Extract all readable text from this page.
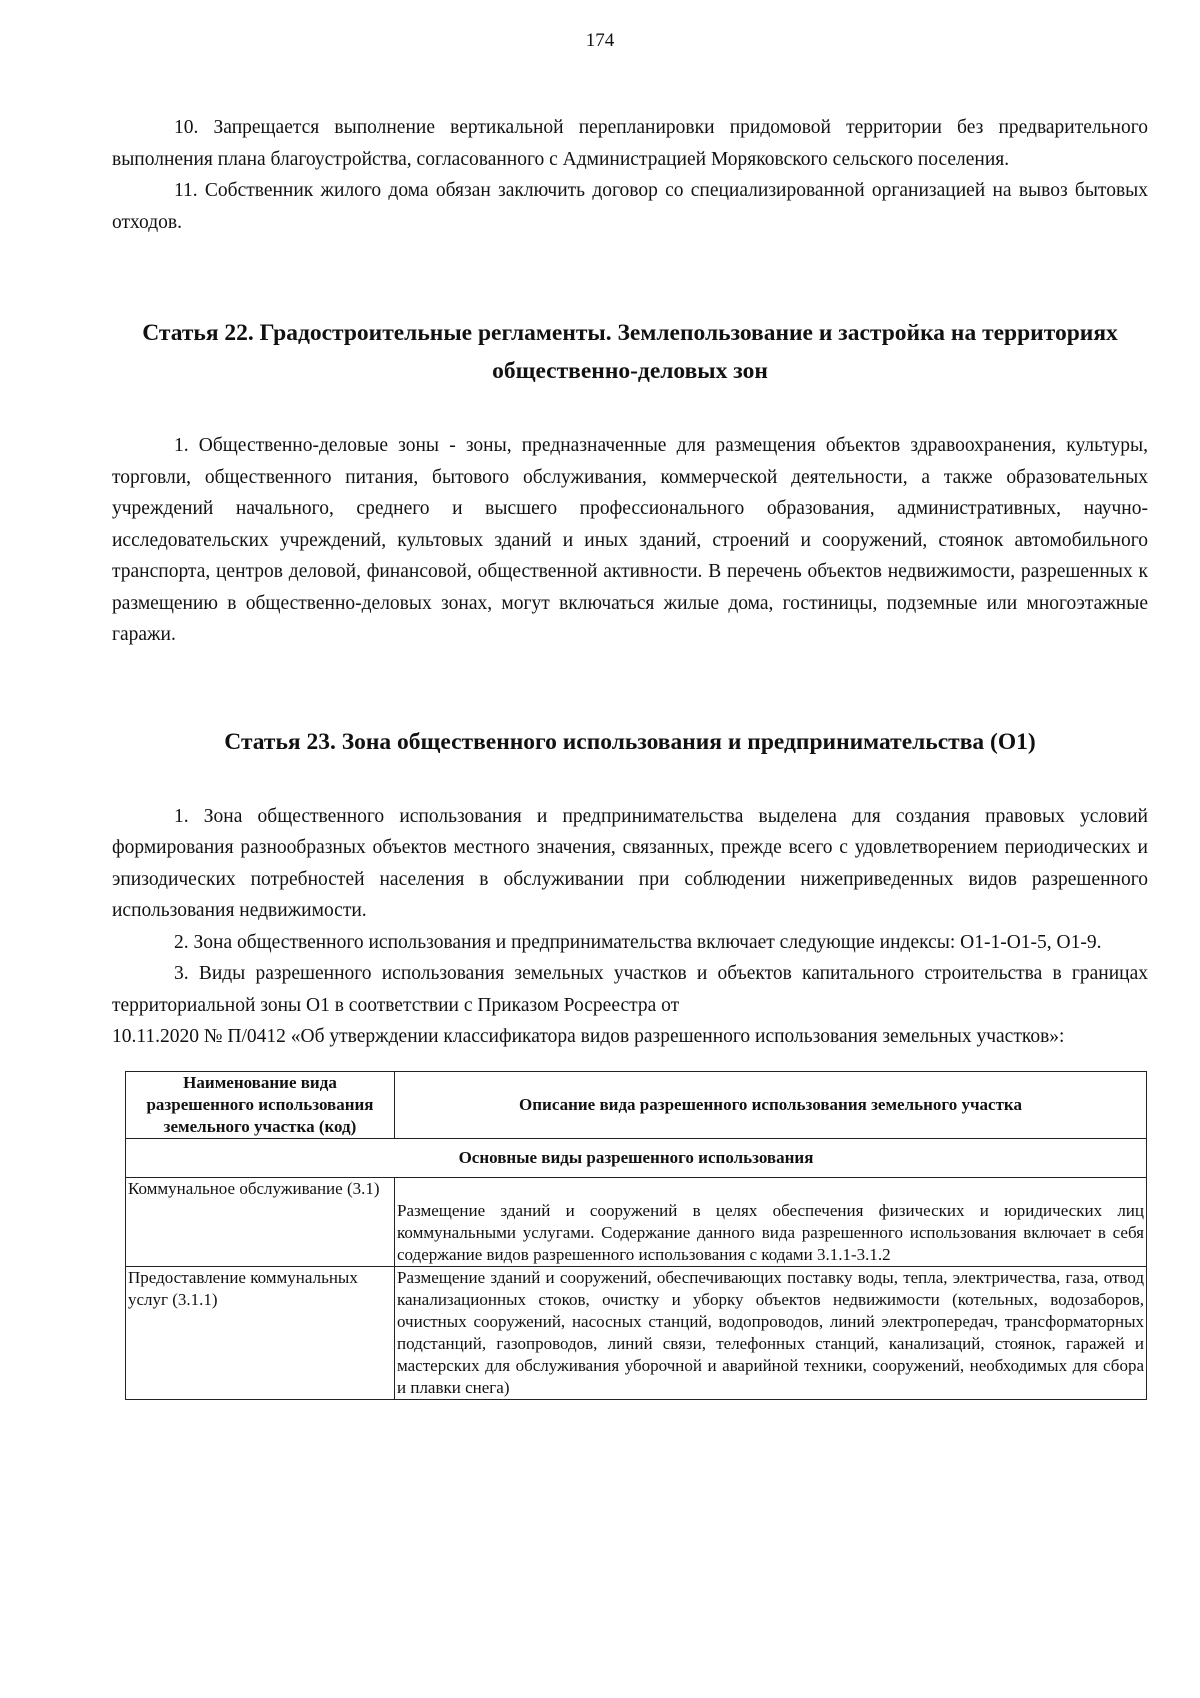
174

10. Запрещается выполнение вертикальной перепланировки придомовой территории без предварительного выполнения плана благоустройства, согласованного с Администрацией Моряковского сельского поселения.

11. Собственник жилого дома обязан заключить договор со специализированной организацией на вывоз бытовых отходов.

Статья 22. Градостроительные регламенты. Землепользование и застройка на территориях общественно-деловых зон

1. Общественно-деловые зоны - зоны, предназначенные для размещения объектов здравоохранения, культуры, торговли, общественного питания, бытового обслуживания, коммерческой деятельности, а также образовательных учреждений начального, среднего и высшего профессионального образования, административных, научно-исследовательских учреждений, культовых зданий и иных зданий, строений и сооружений, стоянок автомобильного транспорта, центров деловой, финансовой, общественной активности. В перечень объектов недвижимости, разрешенных к размещению в общественно-деловых зонах, могут включаться жилые дома, гостиницы, подземные или многоэтажные гаражи.

Статья 23. Зона общественного использования и предпринимательства (О1)

1. Зона общественного использования и предпринимательства выделена для создания правовых условий формирования разнообразных объектов местного значения, связанных, прежде всего с удовлетворением периодических и эпизодических потребностей населения в обслуживании при соблюдении нижеприведенных видов разрешенного использования недвижимости.

2. Зона общественного использования и предпринимательства включает следующие индексы: О1-1-О1-5, О1-9.

3. Виды разрешенного использования земельных участков и объектов капитального строительства в границах территориальной зоны О1 в соответствии с Приказом Росреестра от

10.11.2020 № П/0412 «Об утверждении классификатора видов разрешенного использования земельных участков»:

Наименование вида разрешенного использования земельного участка (код)	Описание вида разрешенного использования земельного участка
Основные виды разрешенного использования	
Коммунальное обслуживание (3.1)	Размещение зданий и сооружений в целях обеспечения физических и юридических лиц коммунальными услугами. Содержание данного вида разрешенного использования включает в себя содержание видов разрешенного использования с кодами 3.1.1-3.1.2
Предоставление коммунальных услуг (3.1.1)	Размещение зданий и сооружений, обеспечивающих поставку воды, тепла, электричества, газа, отвод канализационных стоков, очистку и уборку объектов недвижимости (котельных, водозаборов, очистных сооружений, насосных станций, водопроводов, линий электропередач, трансформаторных подстанций, газопроводов, линий связи, телефонных станций, канализаций, стоянок, гаражей и мастерских для обслуживания уборочной и аварийной техники, сооружений, необходимых для сбора и плавки снега)
